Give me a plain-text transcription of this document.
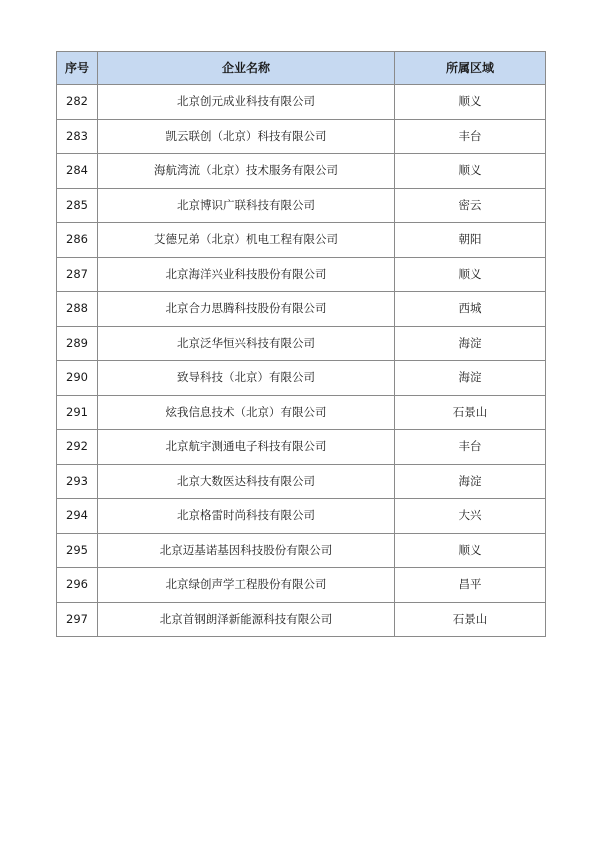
序号	企业名称	所属区域
282	北京创元成业科技有限公司	顺义
283	凯云联创（北京）科技有限公司	丰台
284	海航湾流（北京）技术服务有限公司	顺义
285	北京博识广联科技有限公司	密云
286	艾德兄弟（北京）机电工程有限公司	朝阳
287	北京海洋兴业科技股份有限公司	顺义
288	北京合力思腾科技股份有限公司	西城
289	北京泛华恒兴科技有限公司	海淀
290	致导科技（北京）有限公司	海淀
291	炫我信息技术（北京）有限公司	石景山
292	北京航宇测通电子科技有限公司	丰台
293	北京大数医达科技有限公司	海淀
294	北京格雷时尚科技有限公司	大兴
295	北京迈基诺基因科技股份有限公司	顺义
296	北京绿创声学工程股份有限公司	昌平
297	北京首钢朗泽新能源科技有限公司	石景山
